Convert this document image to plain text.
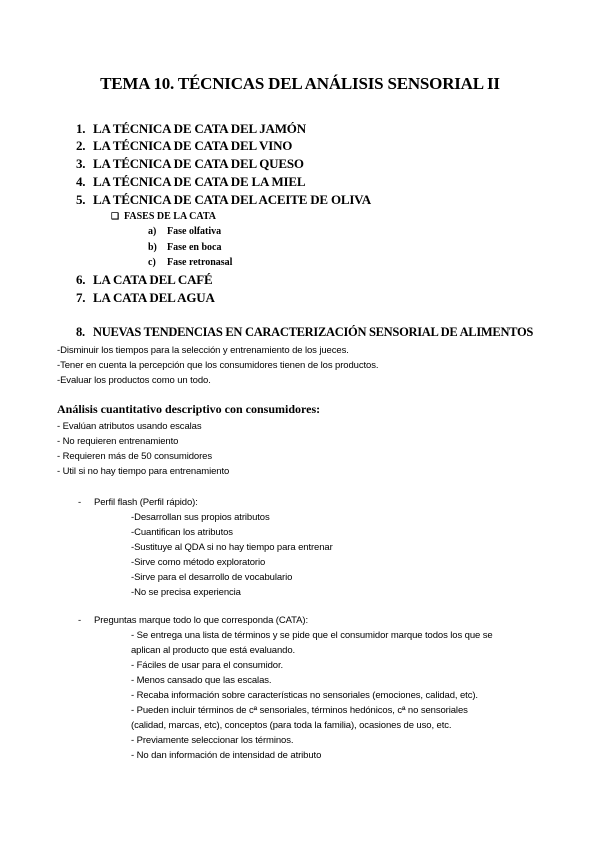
TEMA 10. TÉCNICAS DEL ANÁLISIS SENSORIAL II
1. LA TÉCNICA DE CATA DEL JAMÓN
2. LA TÉCNICA DE CATA DEL VINO
3. LA TÉCNICA DE CATA DEL QUESO
4. LA TÉCNICA DE CATA DE LA MIEL
5. LA TÉCNICA DE CATA DEL ACEITE DE OLIVA
❑ FASES DE LA CATA
a) Fase olfativa
b) Fase en boca
c) Fase retronasal
6. LA CATA DEL CAFÉ
7. LA CATA DEL AGUA
8. NUEVAS TENDENCIAS EN CARACTERIZACIÓN SENSORIAL DE ALIMENTOS
-Disminuir los tiempos para la selección y entrenamiento de los jueces.
-Tener en cuenta la percepción que los consumidores tienen de los productos.
-Evaluar los productos como un todo.
Análisis cuantitativo descriptivo con consumidores:
- Evalúan atributos usando escalas
- No requieren entrenamiento
- Requieren más de 50 consumidores
- Util si no hay tiempo para entrenamiento
- Perfil flash (Perfil rápido):
-Desarrollan sus propios atributos
-Cuantifican los atributos
-Sustituye al QDA si no hay tiempo para entrenar
-Sirve como método exploratorio
-Sirve para el desarrollo de vocabulario
-No se precisa experiencia
- Preguntas marque todo lo que corresponda (CATA):
- Se entrega una lista de términos y se pide que el consumidor marque todos los que se
aplican al producto que está evaluando.
- Fáciles de usar para el consumidor.
- Menos cansado que las escalas.
- Recaba información sobre características no sensoriales (emociones, calidad, etc).
- Pueden incluir términos de cª sensoriales, términos hedónicos, cª no sensoriales
(calidad, marcas, etc), conceptos (para toda la familia), ocasiones de uso, etc.
- Previamente seleccionar los términos.
- No dan información de intensidad de atributo
